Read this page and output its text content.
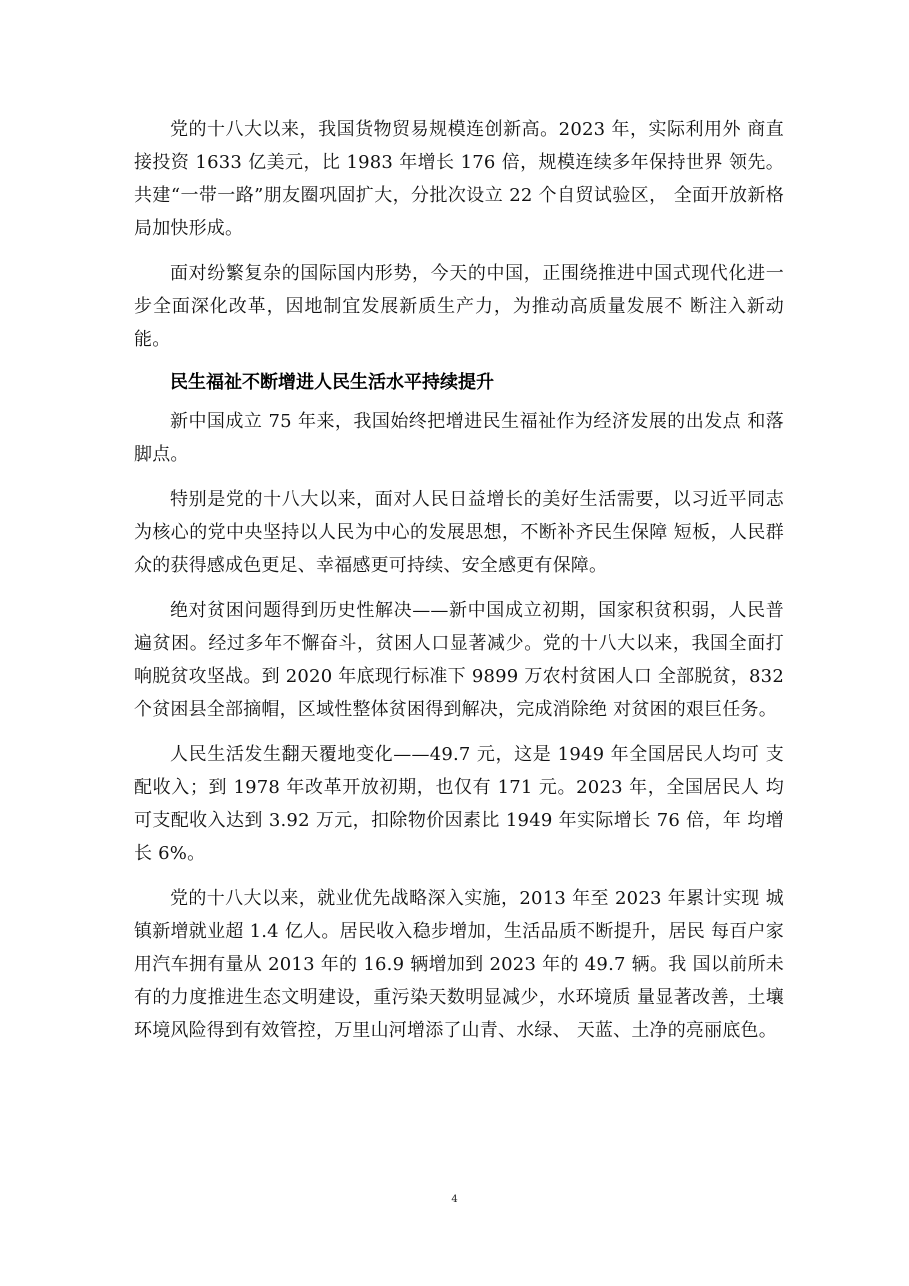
党的十八大以来，我国货物贸易规模连创新高。2023 年，实际利用外 商直接投资 1633 亿美元，比 1983 年增长 176 倍，规模连续多年保持世界 领先。共建“一带一路”朋友圈巩固扩大，分批次设立 22 个自贸试验区， 全面开放新格局加快形成。

面对纷繁复杂的国际国内形势，今天的中国，正围绕推进中国式现代化进一步全面深化改革，因地制宜发展新质生产力，为推动高质量发展不 断注入新动能。

民生福祉不断增进人民生活水平持续提升

新中国成立 75 年来，我国始终把增进民生福祉作为经济发展的出发点 和落脚点。

特别是党的十八大以来，面对人民日益增长的美好生活需要，以习近平同志为核心的党中央坚持以人民为中心的发展思想，不断补齐民生保障 短板，人民群众的获得感成色更足、幸福感更可持续、安全感更有保障。

绝对贫困问题得到历史性解决——新中国成立初期，国家积贫积弱，人民普遍贫困。经过多年不懈奋斗，贫困人口显著减少。党的十八大以来，我国全面打响脱贫攻坚战。到 2020 年底现行标准下 9899 万农村贫困人口 全部脱贫，832 个贫困县全部摘帽，区域性整体贫困得到解决，完成消除绝 对贫困的艰巨任务。

人民生活发生翻天覆地变化——49.7 元，这是 1949 年全国居民人均可 支配收入；到 1978 年改革开放初期，也仅有 171 元。2023 年，全国居民人 均可支配收入达到 3.92 万元，扣除物价因素比 1949 年实际增长 76 倍，年 均增长 6%。

党的十八大以来，就业优先战略深入实施，2013 年至 2023 年累计实现 城镇新增就业超 1.4 亿人。居民收入稳步增加，生活品质不断提升，居民 每百户家用汽车拥有量从 2013 年的 16.9 辆增加到 2023 年的 49.7 辆。我 国以前所未有的力度推进生态文明建设，重污染天数明显减少，水环境质 量显著改善，土壤环境风险得到有效管控，万里山河增添了山青、水绿、 天蓝、土净的亮丽底色。

4
